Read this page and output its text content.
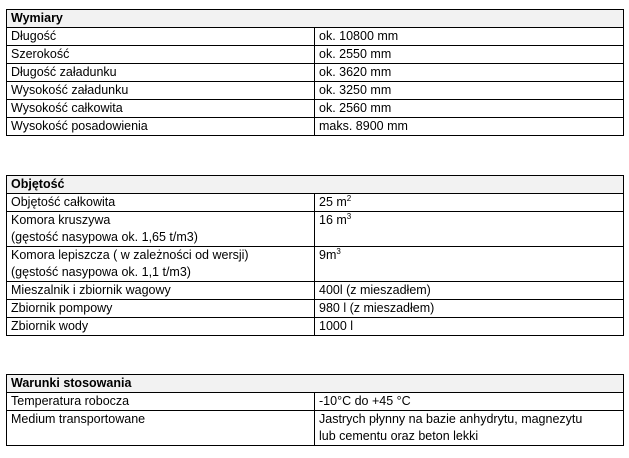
Wymiary	
Długość	ok. 10800 mm
Szerokość	ok. 2550 mm
Długość załadunku	ok. 3620 mm
Wysokość załadunku	ok. 3250 mm
Wysokość całkowita	ok. 2560 mm
Wysokość posadowienia	maks. 8900 mm
Objętość	
Objętość całkowita	25 $m^2$

Komora kruszywa
(gęstość nasypowa ok. 1,65 t/m3)	16 $m^3$

Komora lepiszcza ( w zależności od wersji)
(gęstość nasypowa ok. 1,1 t/m3)	$9m^3$
Mieszalnik i zbiornik wagowy	400l (z mieszadłem)
Zbiornik pompowy	980 l (z mieszadłem)
Zbiornik wody	1000 l
Warunki stosowania	
Temperatura robocza	-10°C do +45 °C
Medium transportowane	Jastrych płynny na bazie anhydrytu, magnezytu
lub cementu oraz beton lekki
